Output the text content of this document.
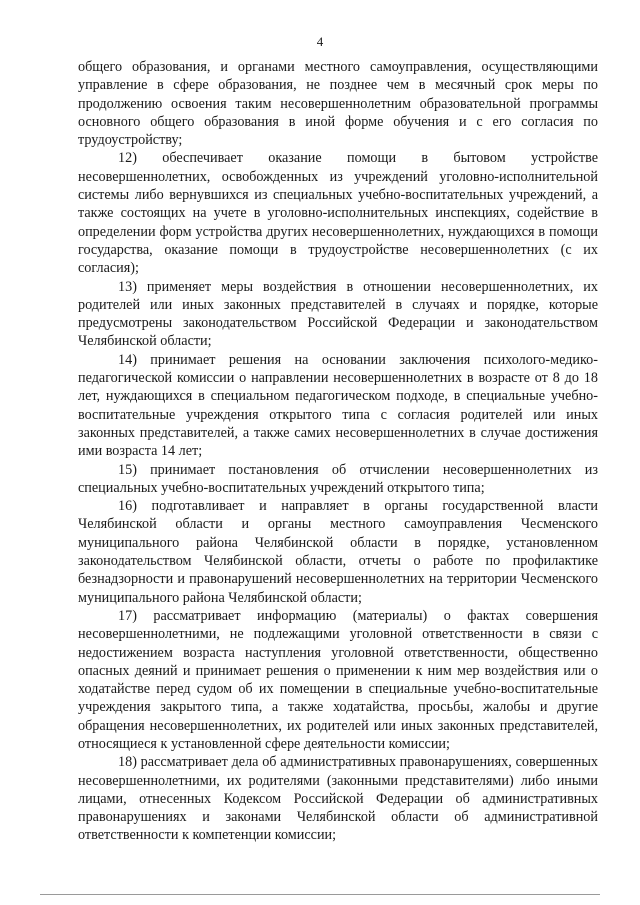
4

общего образования, и органами местного самоуправления, осуществляющими управление в сфере образования, не позднее чем в месячный срок меры по продолжению освоения таким несовершеннолетним образовательной программы основного общего образования в иной форме обучения и с его согласия по трудоустройству;

12) обеспечивает оказание помощи в бытовом устройстве несовершеннолетних, освобожденных из учреждений уголовно-исполнительной системы либо вернувшихся из специальных учебно-воспитательных учреждений, а также состоящих на учете в уголовно-исполнительных инспекциях, содействие в определении форм устройства других несовершеннолетних, нуждающихся в помощи государства, оказание помощи в трудоустройстве несовершеннолетних (с их согласия);

13) применяет меры воздействия в отношении несовершеннолетних, их родителей или иных законных представителей в случаях и порядке, которые предусмотрены законодательством Российской Федерации и законодательством Челябинской области;

14) принимает решения на основании заключения психолого-медико-педагогической комиссии о направлении несовершеннолетних в возрасте от 8 до 18 лет, нуждающихся в специальном педагогическом подходе, в специальные учебно-воспитательные учреждения открытого типа с согласия родителей или иных законных представителей, а также самих несовершеннолетних в случае достижения ими возраста 14 лет;

15) принимает постановления об отчислении несовершеннолетних из специальных учебно-воспитательных учреждений открытого типа;

16) подготавливает и направляет в органы государственной власти Челябинской области и органы местного самоуправления Чесменского муниципального района Челябинской области в порядке, установленном законодательством Челябинской области, отчеты о работе по профилактике безнадзорности и правонарушений несовершеннолетних на территории Чесменского муниципального района Челябинской области;

17) рассматривает информацию (материалы) о фактах совершения несовершеннолетними, не подлежащими уголовной ответственности в связи с недостижением возраста наступления уголовной ответственности, общественно опасных деяний и принимает решения о применении к ним мер воздействия или о ходатайстве перед судом об их помещении в специальные учебно-воспитательные учреждения закрытого типа, а также ходатайства, просьбы, жалобы и другие обращения несовершеннолетних, их родителей или иных законных представителей, относящиеся к установленной сфере деятельности комиссии;

18) рассматривает дела об административных правонарушениях, совершенных несовершеннолетними, их родителями (законными представителями) либо иными лицами, отнесенных Кодексом Российской Федерации об административных правонарушениях и законами Челябинской области об административной ответственности к компетенции комиссии;
